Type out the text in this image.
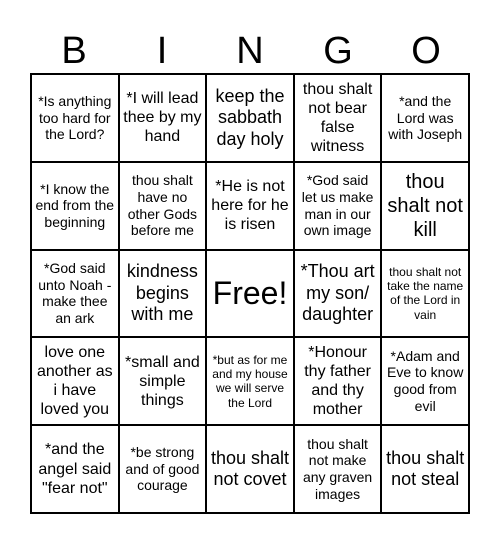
B	I	N	G	O
*Is anything too hard for the Lord?
*I will lead thee by my hand
keep the sabbath day holy
thou shalt not bear false witness
*and the Lord was with Joseph
*I know the end from the beginning
thou shalt have no other Gods before me
*He is not here for he is risen
*God said let us make man in our own image
thou shalt not kill
*God said unto Noah - make thee an ark
kindness begins with me
Free!
*Thou art my son/ daughter
thou shalt not take the name of the Lord in vain
love one another as i have loved you
*small and simple things
*but as for me and my house we will serve the Lord
*Honour thy father and thy mother
*Adam and Eve to know good from evil
*and the angel said "fear not"
*be strong and of good courage
thou shalt not covet
thou shalt not make any graven images
thou shalt not steal
